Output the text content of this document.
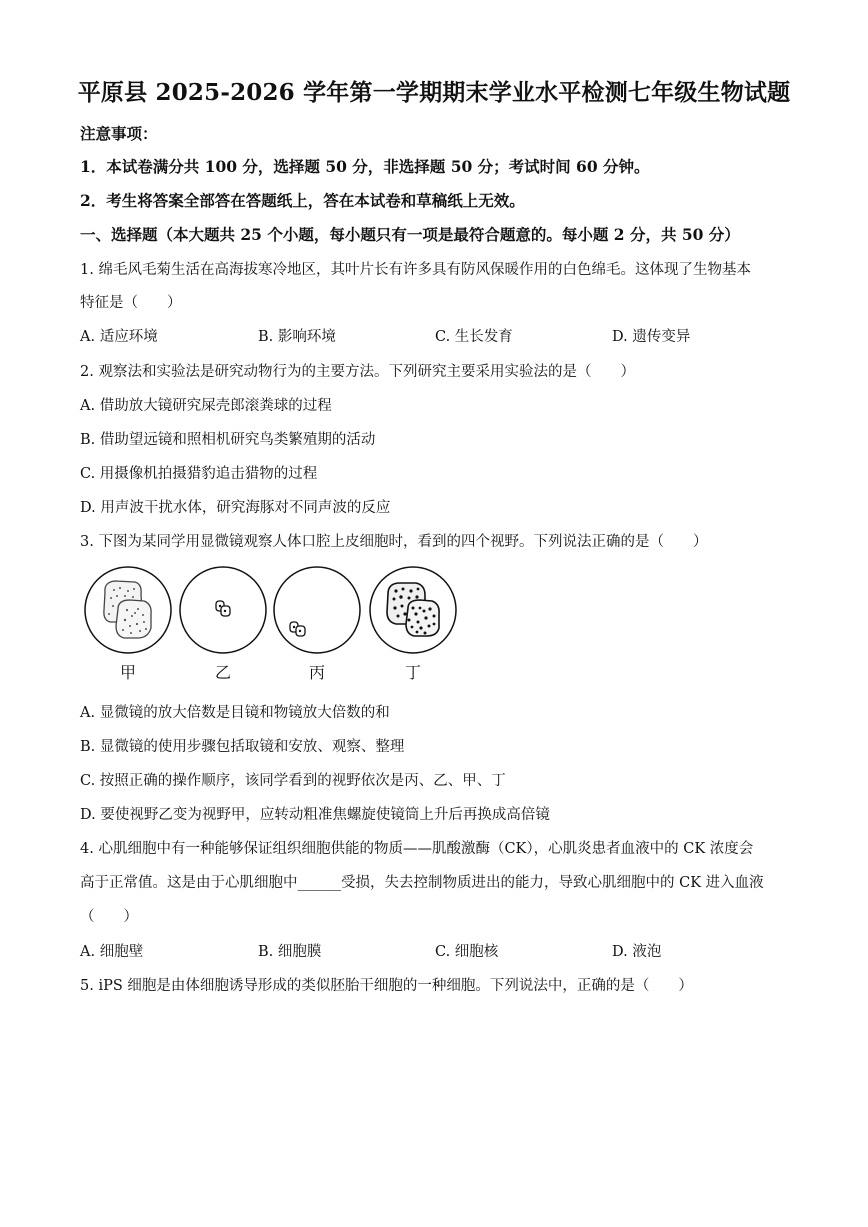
平原县 2025-2026 学年第一学期期末学业水平检测七年级生物试题
注意事项：
1．本试卷满分共 100 分，选择题 50 分，非选择题 50 分；考试时间 60 分钟。
2．考生将答案全部答在答题纸上，答在本试卷和草稿纸上无效。
一、选择题（本大题共 25 个小题，每小题只有一项是最符合题意的。每小题 2 分，共 50 分）
1. 绵毛风毛菊生活在高海拔寒冷地区，其叶片长有许多具有防风保暖作用的白色绵毛。这体现了生物基本
特征是（　　）
A. 适应环境	B. 影响环境	C. 生长发育	D. 遗传变异
2. 观察法和实验法是研究动物行为的主要方法。下列研究主要采用实验法的是（　　）
A. 借助放大镜研究屎壳郎滚粪球的过程
B. 借助望远镜和照相机研究鸟类繁殖期的活动
C. 用摄像机拍摄猎豹追击猎物的过程
D. 用声波干扰水体，研究海豚对不同声波的反应
3. 下图为某同学用显微镜观察人体口腔上皮细胞时，看到的四个视野。下列说法正确的是（　　）
甲	乙	丙	丁
A. 显微镜的放大倍数是目镜和物镜放大倍数的和
B. 显微镜的使用步骤包括取镜和安放、观察、整理
C. 按照正确的操作顺序，该同学看到的视野依次是丙、乙、甲、丁
D. 要使视野乙变为视野甲，应转动粗准焦螺旋使镜筒上升后再换成高倍镜
4. 心肌细胞中有一种能够保证组织细胞供能的物质——肌酸激酶（CK），心肌炎患者血液中的 CK 浓度会
高于正常值。这是由于心肌细胞中______受损，失去控制物质进出的能力，导致心肌细胞中的 CK 进入血液
（　　）
A. 细胞壁	B. 细胞膜	C. 细胞核	D. 液泡
5. iPS 细胞是由体细胞诱导形成的类似胚胎干细胞的一种细胞。下列说法中，正确的是（　　）
